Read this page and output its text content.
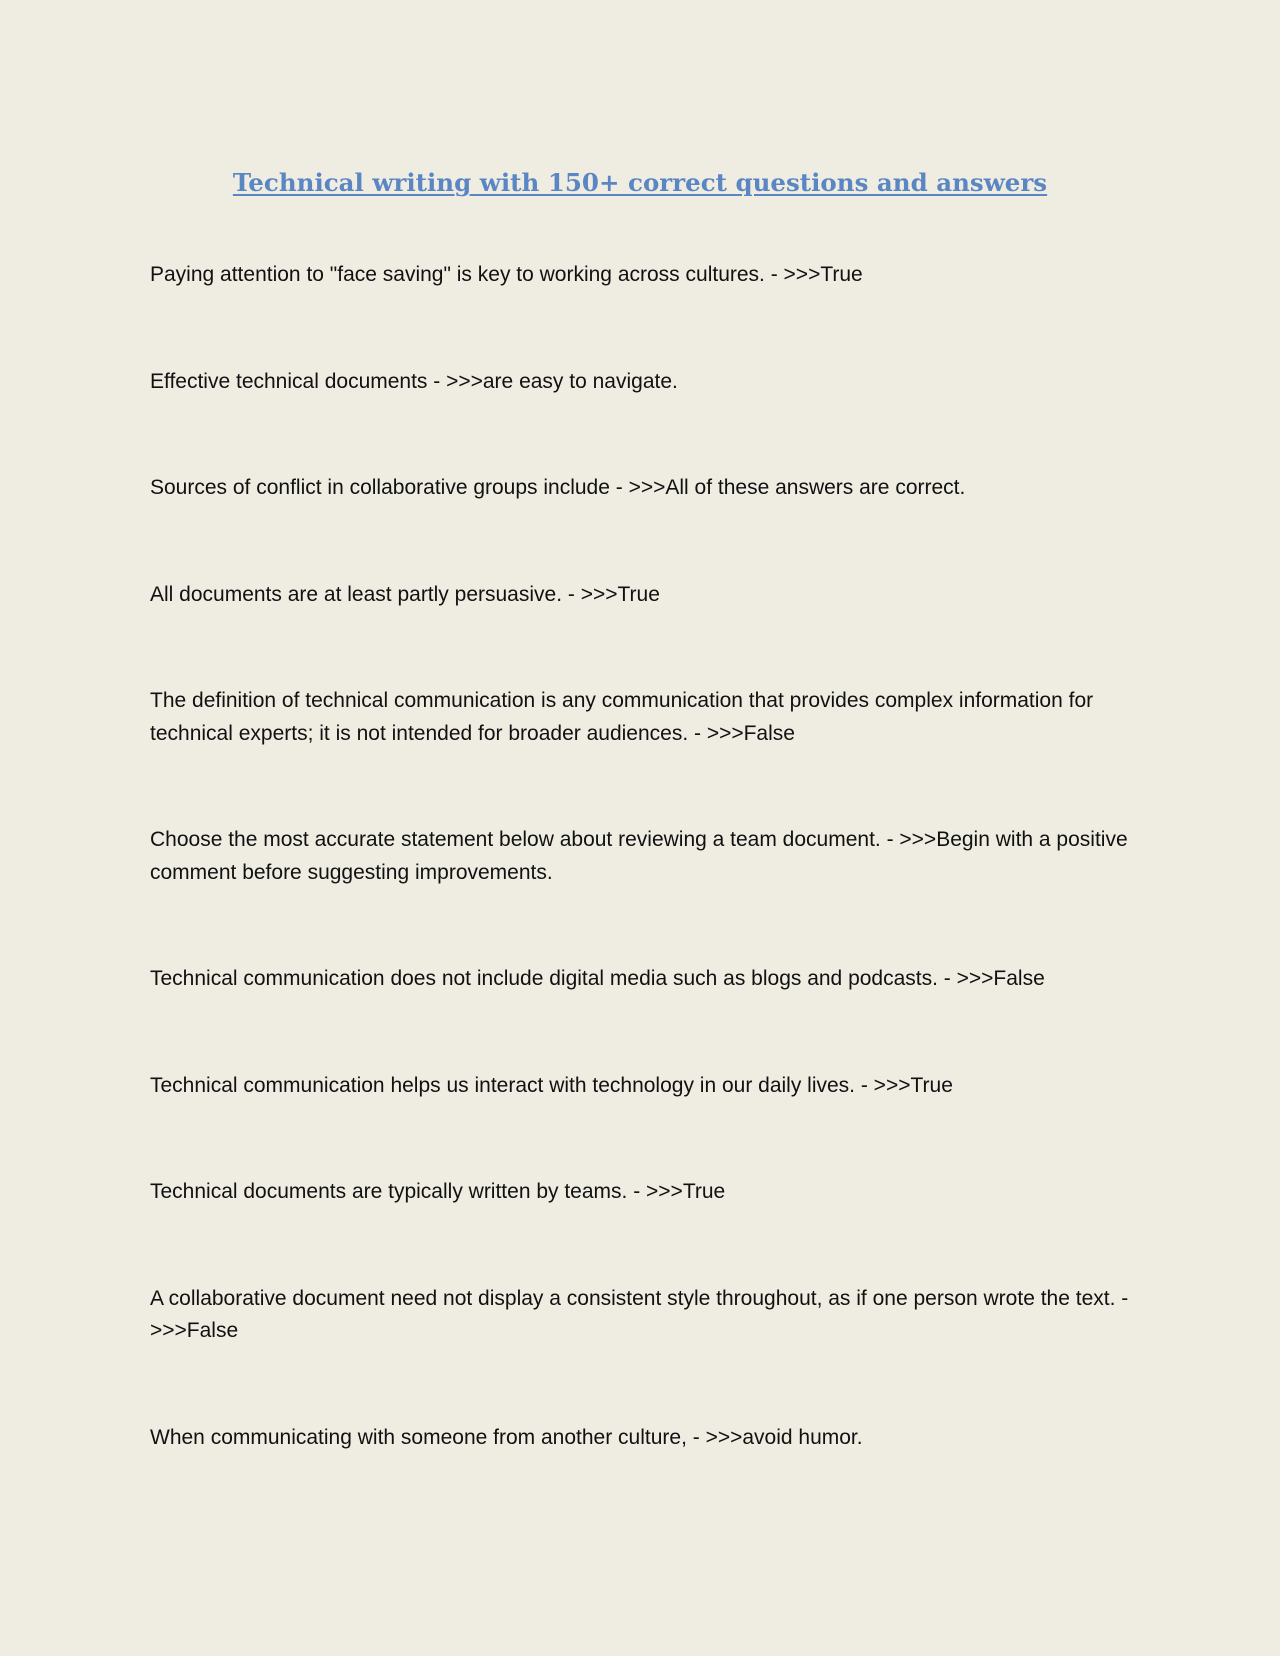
Technical writing with 150+ correct questions and answers
Paying attention to "face saving" is key to working across cultures. - >>>True
Effective technical documents - >>>are easy to navigate.
Sources of conflict in collaborative groups include - >>>All of these answers are correct.
All documents are at least partly persuasive. - >>>True
The definition of technical communication is any communication that provides complex information for technical experts; it is not intended for broader audiences. - >>>False
Choose the most accurate statement below about reviewing a team document. - >>>Begin with a positive comment before suggesting improvements.
Technical communication does not include digital media such as blogs and podcasts. - >>>False
Technical communication helps us interact with technology in our daily lives. - >>>True
Technical documents are typically written by teams. - >>>True
A collaborative document need not display a consistent style throughout, as if one person wrote the text. - >>>False
When communicating with someone from another culture, - >>>avoid humor.
